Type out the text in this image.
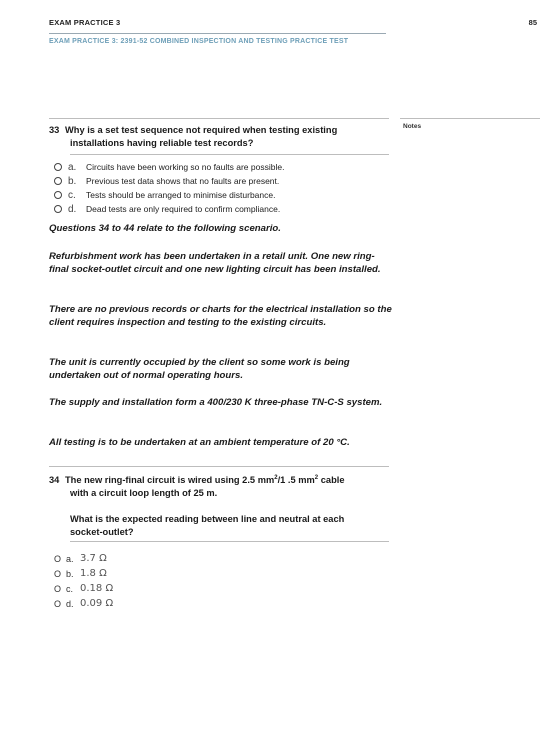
EXAM PRACTICE 3	85
EXAM PRACTICE 3: 2391-52 COMBINED INSPECTION AND TESTING PRACTICE TEST
Notes
33 Why is a set test sequence not required when testing existing
installations having reliable test records?
a.	Circuits have been working so no faults are possible.
b.	Previous test data shows that no faults are present.
c.	Tests should be arranged to minimise disturbance.
d.	Dead tests are only required to confirm compliance.
Questions 34 to 44 relate to the following scenario.
Refurbishment work has been undertaken in a retail unit. One new ring-final socket-outlet circuit and one new lighting circuit has been installed.
There are no previous records or charts for the electrical installation so the client requires inspection and testing to the existing circuits.
The unit is currently occupied by the client so some work is being undertaken out of normal operating hours.
The supply and installation form a 400/230 K three-phase TN-C-S system.
All testing is to be undertaken at an ambient temperature of 20 °C.
34 The new ring-final circuit is wired using 2.5 $mm^2/1$ .5 $mm^2$ cable
with a circuit loop length of 25 m.
What is the expected reading between line and neutral at each
socket-outlet?
O a. 3.7 Ω
O b. 1.8 Ω
O c. 0.18 Ω
O d. 0.09 Ω
